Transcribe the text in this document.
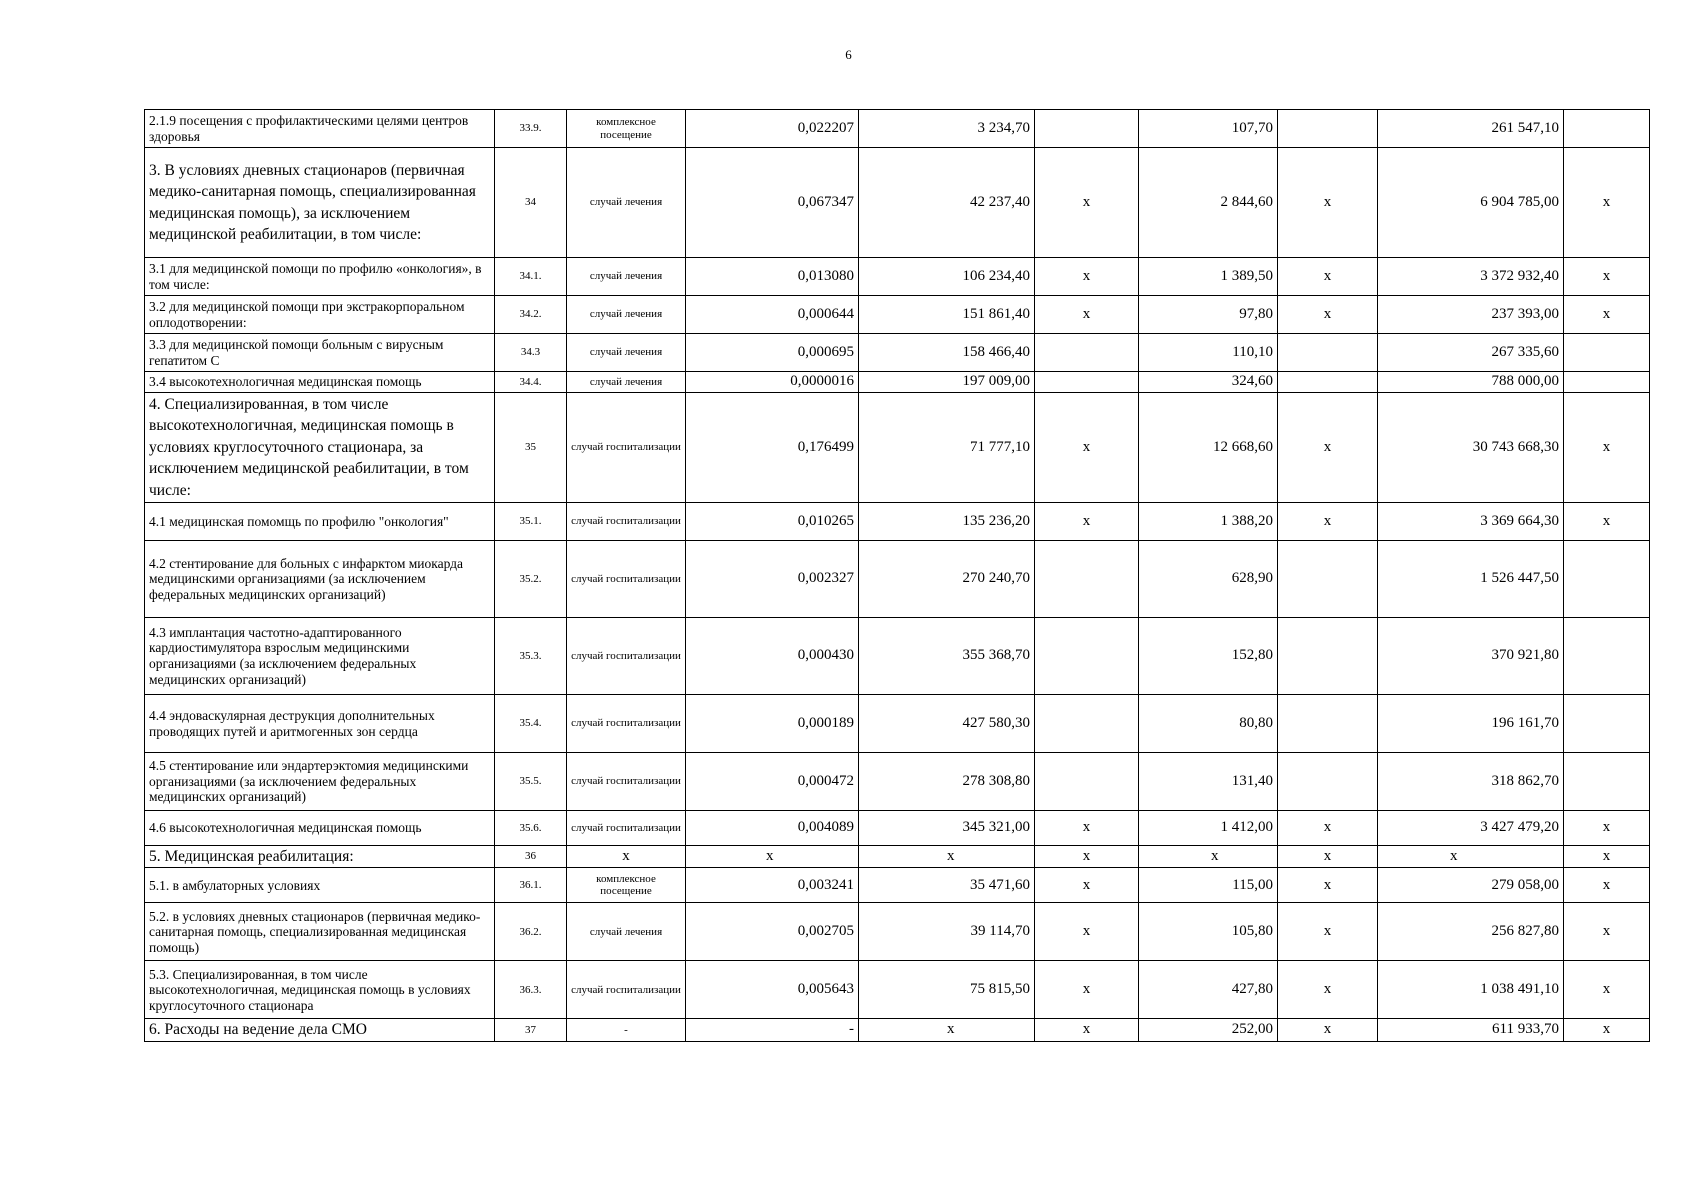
6
2.1.9 посещения с профилактическими целями центров здоровья	33.9.	комплексное посещение	0,022207	3 234,70		107,70		261 547,10	
3. В условиях дневных стационаров (первичная медико-санитарная помощь, специализированная медицинская помощь), за исключением медицинской реабилитации, в том числе:	34	случай лечения	0,067347	42 237,40	х	2 844,60	х	6 904 785,00	х
3.1 для медицинской помощи по профилю «онкология», в том числе:	34.1.	случай лечения	0,013080	106 234,40	х	1 389,50	х	3 372 932,40	х
3.2 для медицинской помощи при экстракорпоральном оплодотворении:	34.2.	случай лечения	0,000644	151 861,40	х	97,80	х	237 393,00	х
3.3 для медицинской помощи больным с вирусным гепатитом С	34.3	случай лечения	0,000695	158 466,40		110,10		267 335,60	
3.4 высокотехнологичная медицинская помощь	34.4.	случай лечения	0,0000016	197 009,00		324,60		788 000,00	
4. Специализированная, в том числе высокотехнологичная, медицинская помощь в условиях круглосуточного стационара, за исключением медицинской реабилитации, в том числе:	35	случай госпитализации	0,176499	71 777,10	х	12 668,60	х	30 743 668,30	х
4.1 медицинская помомщь по профилю "онкология"	35.1.	случай госпитализации	0,010265	135 236,20	х	1 388,20	х	3 369 664,30	х
4.2 стентирование для больных с инфарктом миокарда медицинскими организациями (за исключением федеральных медицинских организаций)	35.2.	случай госпитализации	0,002327	270 240,70		628,90		1 526 447,50	
4.3 имплантация частотно-адаптированного кардиостимулятора взрослым медицинскими организациями (за исключением федеральных медицинских организаций)	35.3.	случай госпитализации	0,000430	355 368,70		152,80		370 921,80	
4.4 эндоваскулярная деструкция дополнительных проводящих путей и аритмогенных зон сердца	35.4.	случай госпитализации	0,000189	427 580,30		80,80		196 161,70	
4.5 стентирование или эндартерэктомия медицинскими организациями (за исключением федеральных медицинских организаций)	35.5.	случай госпитализации	0,000472	278 308,80		131,40		318 862,70	
4.6 высокотехнологичная медицинская помощь	35.6.	случай госпитализации	0,004089	345 321,00	х	1 412,00	х	3 427 479,20	х
5. Медицинская реабилитация:	36	х	х	х	х	х	х	х	х
5.1. в амбулаторных условиях	36.1.	комплексное посещение	0,003241	35 471,60	х	115,00	х	279 058,00	х
5.2. в условиях дневных стационаров (первичная медико-санитарная помощь, специализированная медицинская помощь)	36.2.	случай лечения	0,002705	39 114,70	х	105,80	х	256 827,80	х
5.3. Специализированная, в том числе высокотехнологичная, медицинская помощь в условиях круглосуточного стационара	36.3.	случай госпитализации	0,005643	75 815,50	х	427,80	х	1 038 491,10	х
6. Расходы на ведение дела СМО	37	-	-	х	х	252,00	х	611 933,70	х
